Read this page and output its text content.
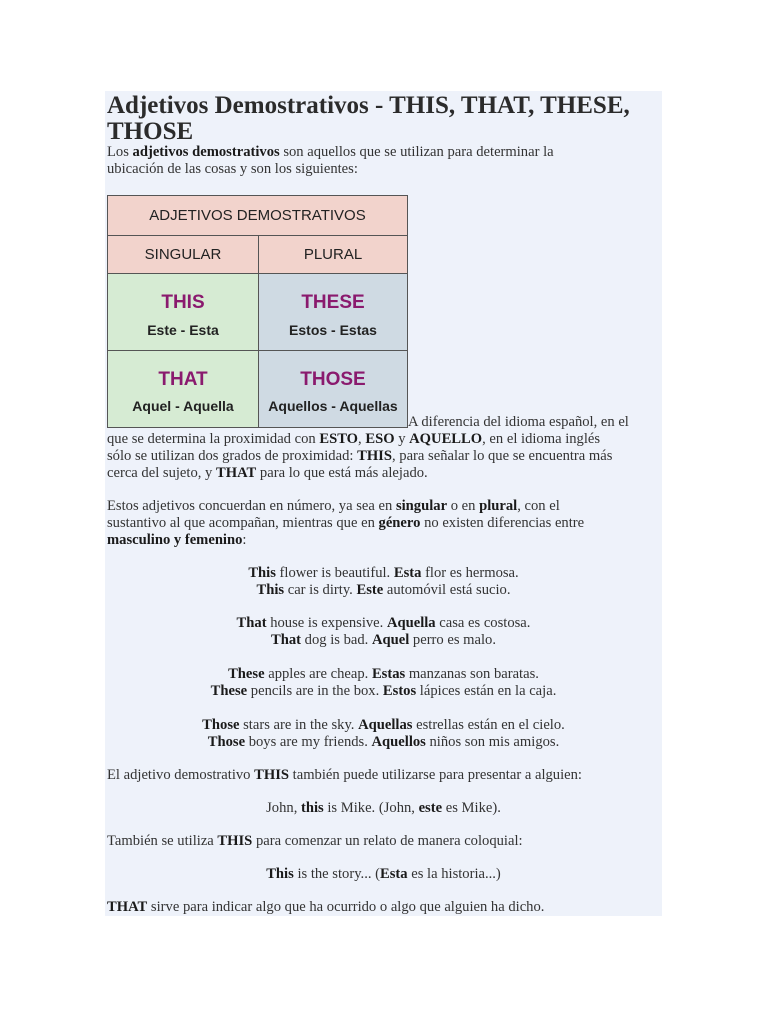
Adjetivos Demostrativos - THIS, THAT, THESE, THOSE

Los adjetivos demostrativos son aquellos que se utilizan para determinar la
ubicación de las cosas y son los siguientes:

ADJETIVOS DEMOSTRATIVOS
SINGULAR	PLURAL
THIS
Este - Esta
THESE
Estos - Estas
THAT
Aquel - Aquella
THOSE
Aquellos - Aquellas

A diferencia del idioma español, en el

que se determina la proximidad con ESTO, ESO y AQUELLO, en el idioma inglés
sólo se utilizan dos grados de proximidad: THIS, para señalar lo que se encuentra más
cerca del sujeto, y THAT para lo que está más alejado.

Estos adjetivos concuerdan en número, ya sea en singular o en plural, con el
sustantivo al que acompañan, mientras que en género no existen diferencias entre
masculino y femenino:

This flower is beautiful. Esta flor es hermosa.
This car is dirty. Este automóvil está sucio.

That house is expensive. Aquella casa es costosa.
That dog is bad. Aquel perro es malo.

These apples are cheap. Estas manzanas son baratas.
These pencils are in the box. Estos lápices están en la caja.

Those stars are in the sky. Aquellas estrellas están en el cielo.
Those boys are my friends. Aquellos niños son mis amigos.

El adjetivo demostrativo THIS también puede utilizarse para presentar a alguien:

John, this is Mike. (John, este es Mike).

También se utiliza THIS para comenzar un relato de manera coloquial:

This is the story... (Esta es la historia...)

THAT sirve para indicar algo que ha ocurrido o algo que alguien ha dicho.
